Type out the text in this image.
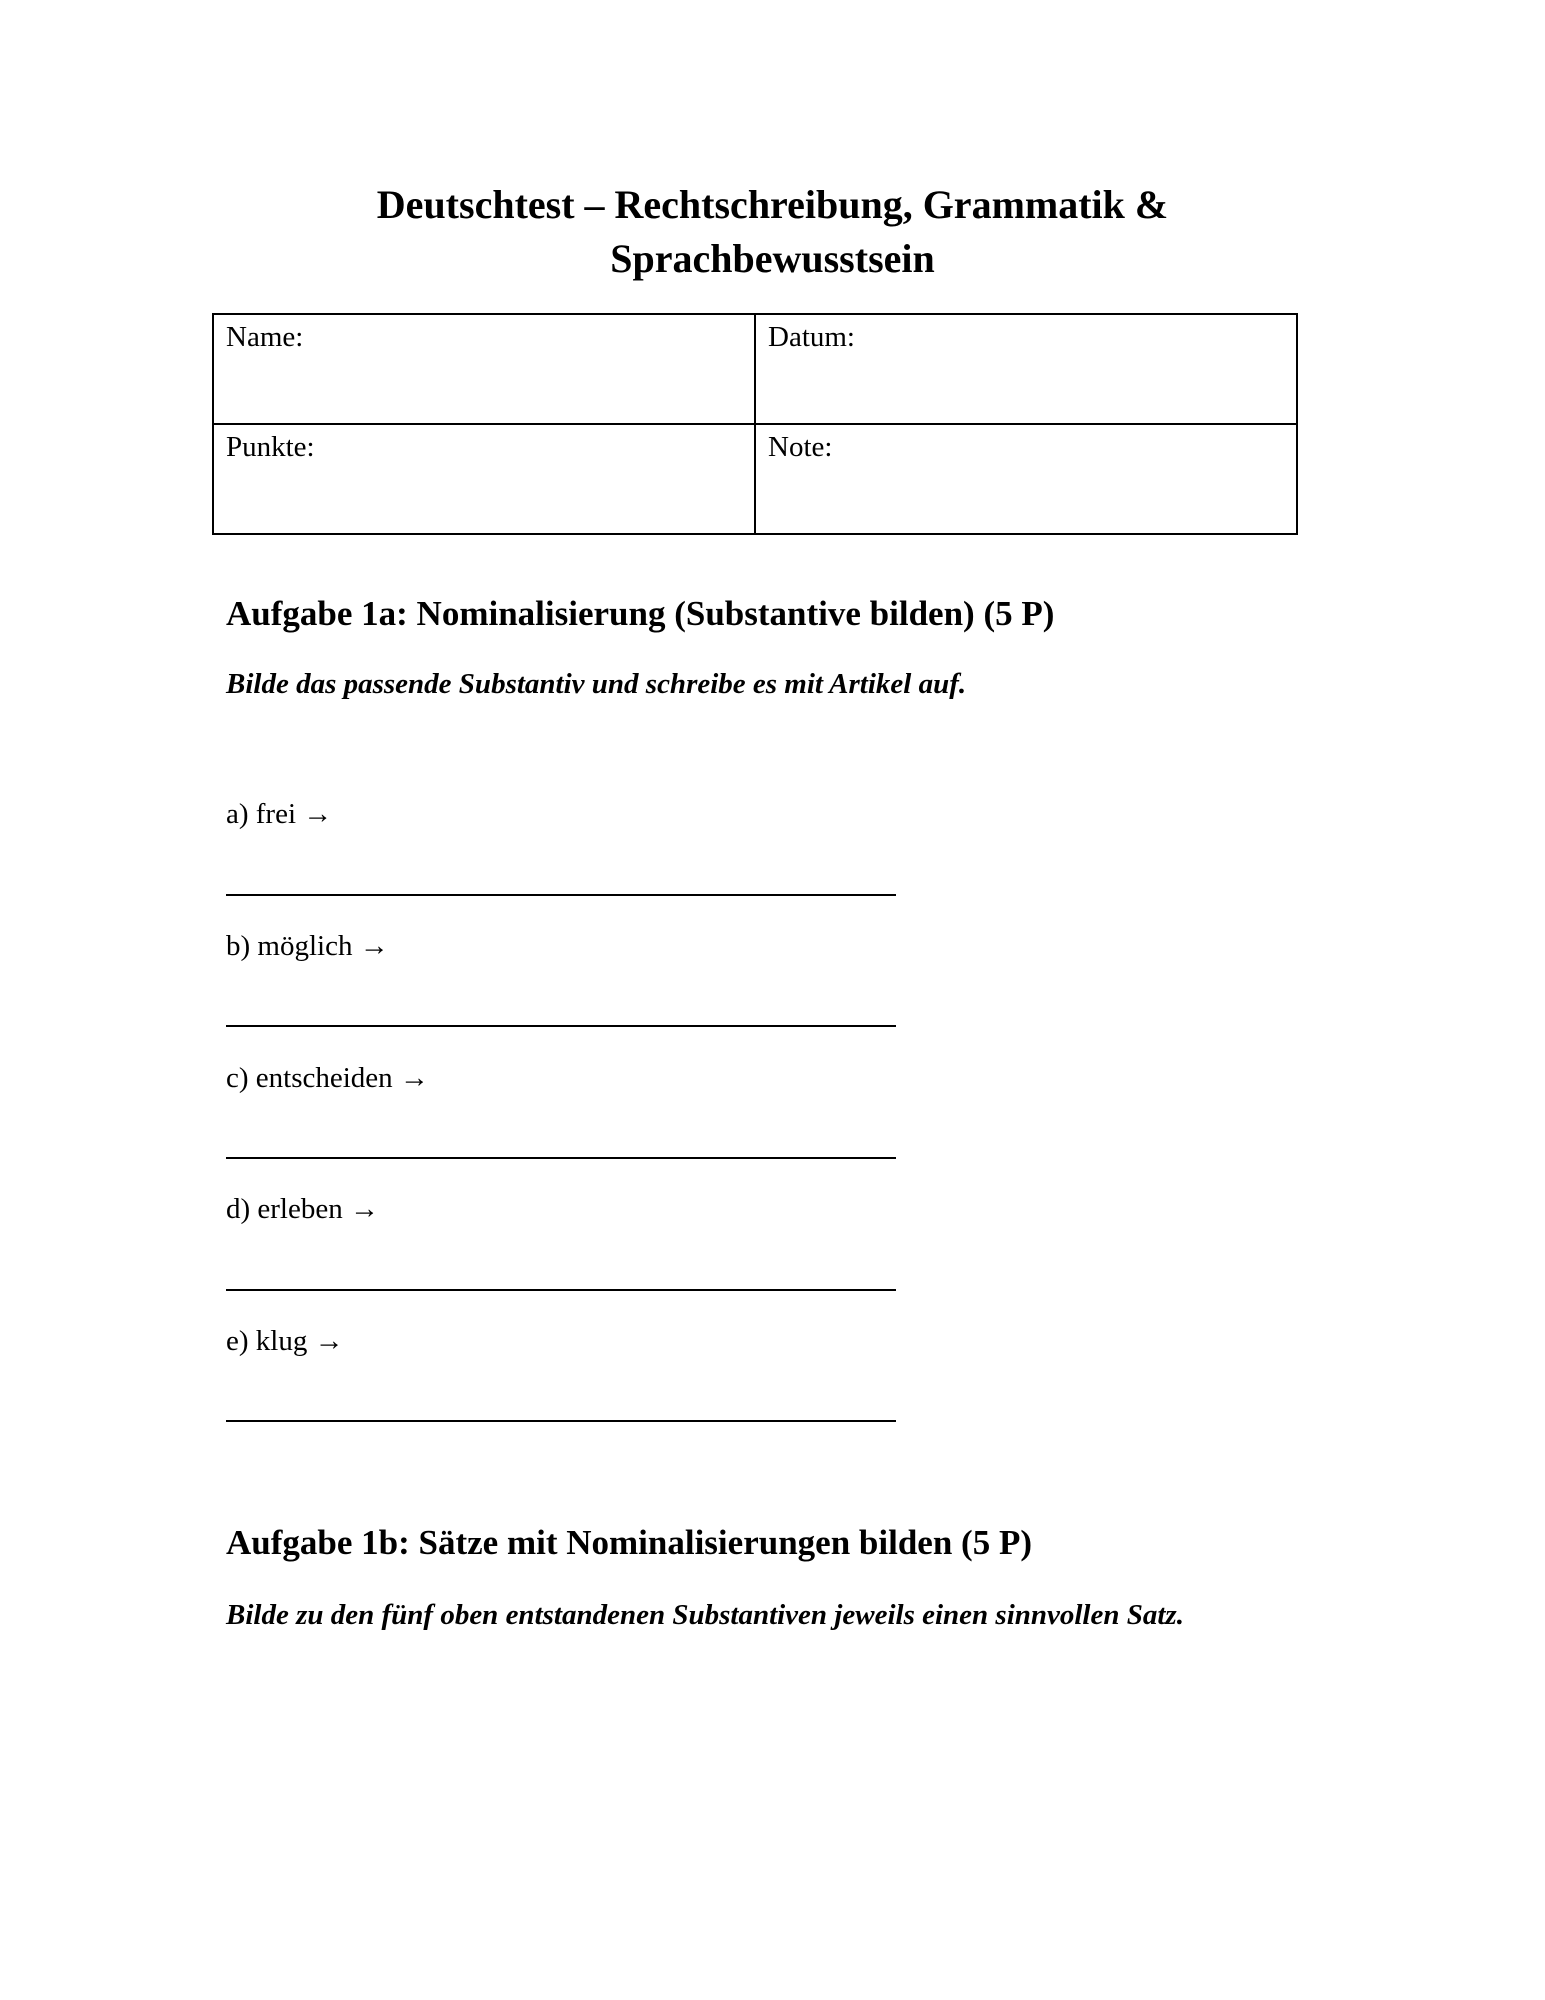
Deutschtest – Rechtschreibung, Grammatik &
Sprachbewusstsein
Name:	Datum:
Punkte:	Note:
Aufgabe 1a: Nominalisierung (Substantive bilden) (5 P)
Bilde das passende Substantiv und schreibe es mit Artikel auf.
a) frei →
b) möglich →
c) entscheiden →
d) erleben →
e) klug →
Aufgabe 1b: Sätze mit Nominalisierungen bilden (5 P)
Bilde zu den fünf oben entstandenen Substantiven jeweils einen sinnvollen Satz.
